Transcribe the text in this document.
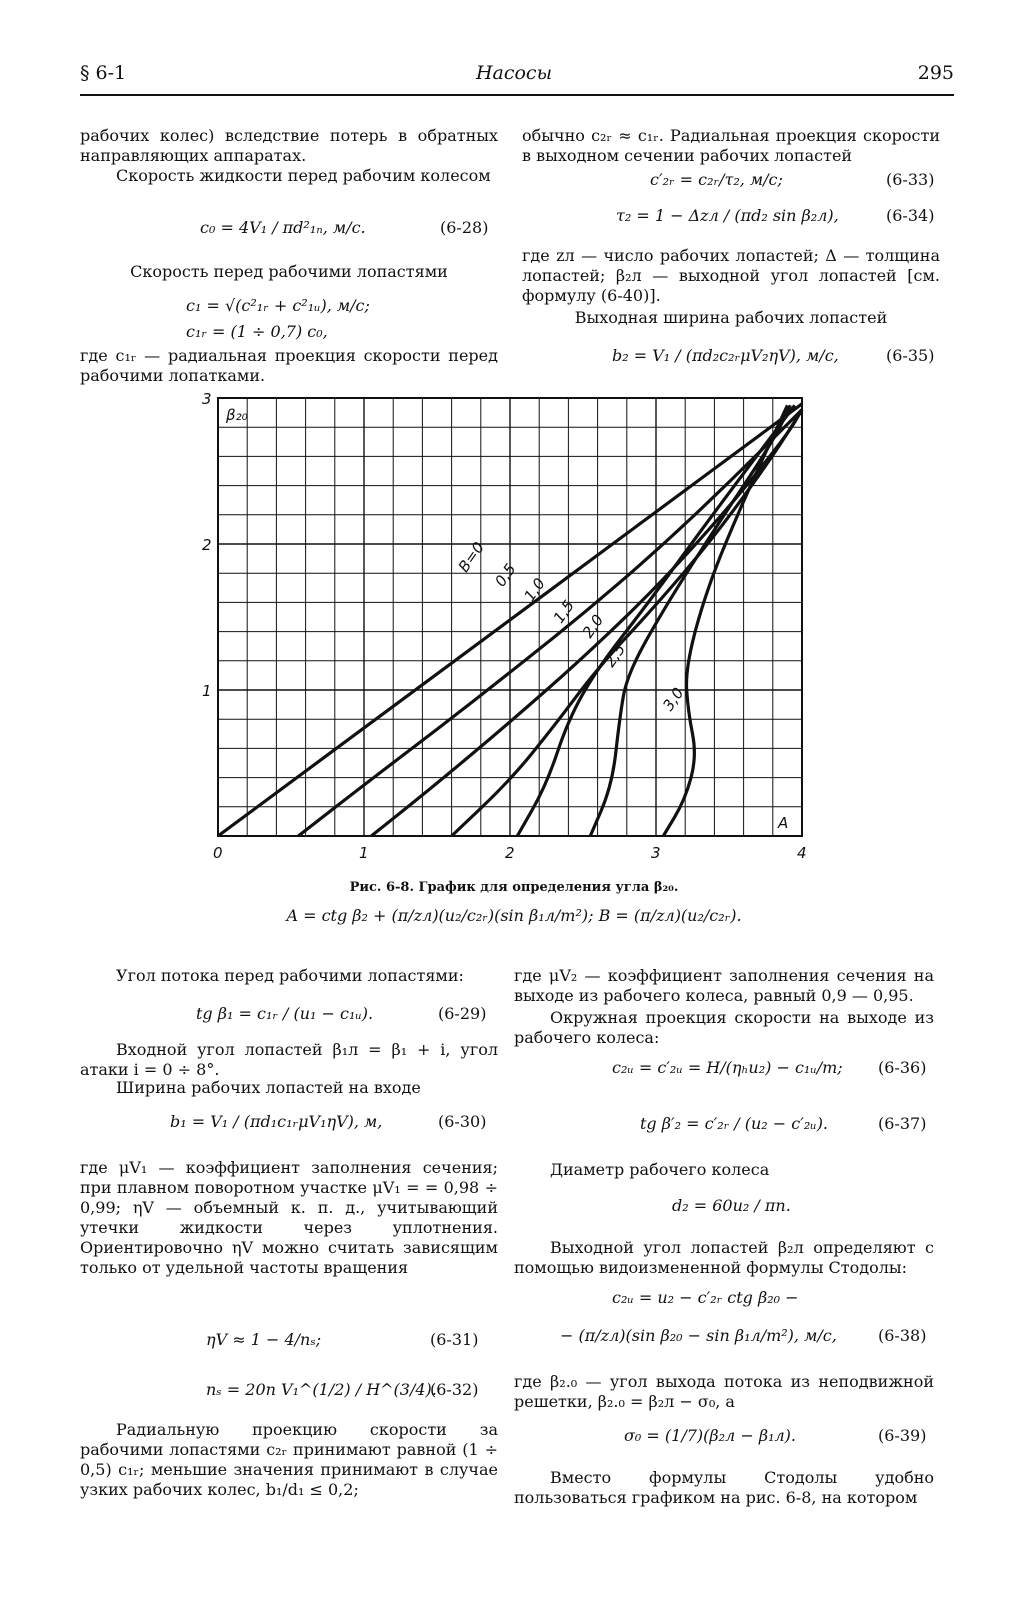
§ 6-1	Насосы	295
рабочих колес) вследствие потерь в обратных направляющих аппаратах.
Скорость жидкости перед рабочим колесом
c₀ = 4V₁ / πd²₁ₙ, м/с.	(6-28)
Скорость перед рабочими лопастями
c₁ = √(c²₁ᵣ + c²₁ᵤ), м/с;
c₁ᵣ = (1 ÷ 0,7) c₀,
где c₁ᵣ — радиальная проекция скорости перед рабочими лопатками.
обычно c₂ᵣ ≈ c₁ᵣ. Радиальная проекция скорости в выходном сечении рабочих лопастей
c′₂ᵣ = c₂ᵣ/τ₂, м/с;	(6-33)
τ₂ = 1 − Δzл / (πd₂ sin β₂л),	(6-34)
где zл — число рабочих лопастей; Δ — толщина лопастей; β₂л — выходной угол лопастей [см. формулу (6-40)].
Выходная ширина рабочих лопастей
b₂ = V₁ / (πd₂c₂ᵣμV₂ηV), м/с,	(6-35)
B=0 0,5 1,0
1,5 2,0
2,5
3,0
0	1	2	3	4
1
2
3
β₂₀
A
Рис. 6-8. График для определения угла β₂₀.
A = ctg β₂ + (π/zл)(u₂/c₂ᵣ)(sin β₁л/m²); B = (π/zл)(u₂/c₂ᵣ).
Угол потока перед рабочими лопастями:
tg β₁ = c₁ᵣ / (u₁ − c₁ᵤ).	(6-29)
Входной угол лопастей β₁л = β₁ + i, угол атаки i = 0 ÷ 8°.
Ширина рабочих лопастей на входе
b₁ = V₁ / (πd₁c₁ᵣμV₁ηV), м,	(6-30)
где μV₁ — коэффициент заполнения сечения; при плавном поворотном участке μV₁ = = 0,98 ÷ 0,99; ηV — объемный к. п. д., учитывающий утечки жидкости через уплотнения. Ориентировочно ηV можно считать зависящим только от удельной частоты вращения
ηV ≈ 1 − 4/nₛ;	(6-31)
nₛ = 20n V₁^(1/2) / H^(3/4).
(6-32)
Радиальную проекцию скорости за рабочими лопастями c₂ᵣ принимают равной (1 ÷ 0,5) c₁ᵣ; меньшие значения принимают в случае узких рабочих колес, b₁/d₁ ≤ 0,2;
где μV₂ — коэффициент заполнения сечения на выходе из рабочего колеса, равный 0,9 — 0,95.
Окружная проекция скорости на выходе из рабочего колеса:
c₂ᵤ = c′₂ᵤ = H/(ηₕu₂) − c₁ᵤ/m; (6-36)
tg β′₂ = c′₂ᵣ / (u₂ − c′₂ᵤ).	(6-37)
Диаметр рабочего колеса
d₂ = 60u₂ / πn.
Выходной угол лопастей β₂л определяют с помощью видоизмененной формулы Стодолы:
c₂ᵤ = u₂ − c′₂ᵣ ctg β₂₀ −
− (π/zл)(sin β₂₀ − sin β₁л/m²), м/с,	(6-38)
где β₂.₀ — угол выхода потока из неподвижной решетки, β₂.₀ = β₂л − σ₀, а
σ₀ = (1/7)(β₂л − β₁л).	(6-39)
Вместо формулы Стодолы удобно пользоваться графиком на рис. 6-8, на котором
